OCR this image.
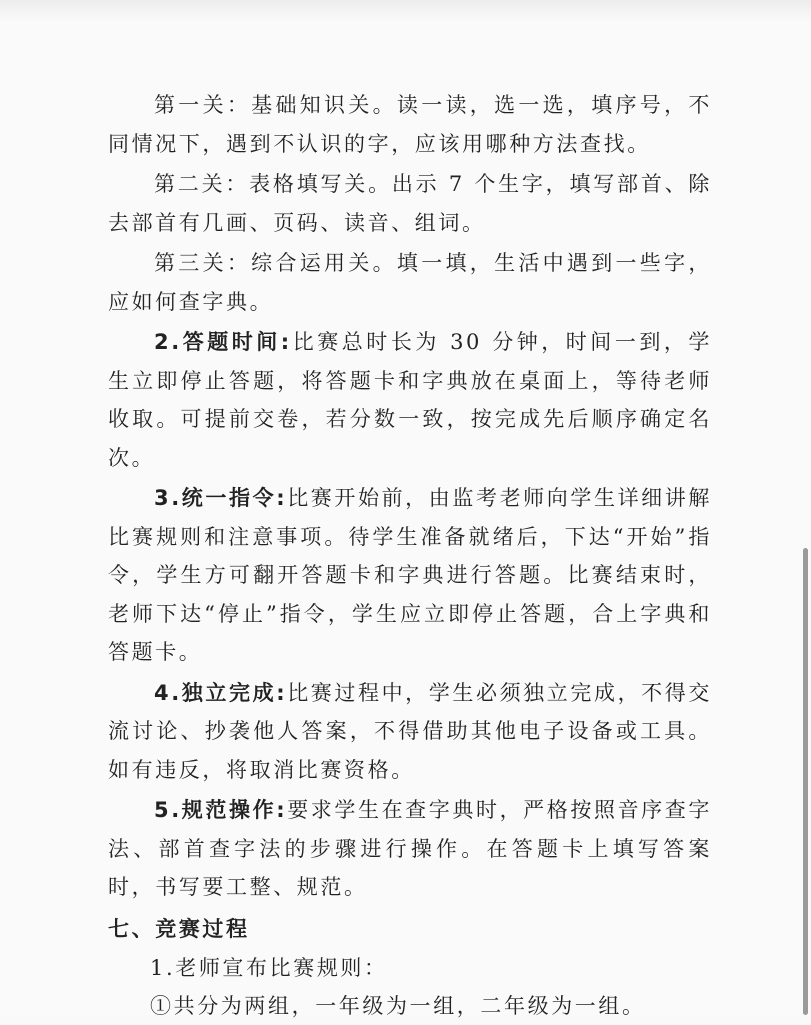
第一关：基础知识关。读一读，选一选，填序号，不同情况下，遇到不认识的字，应该用哪种方法查找。

第二关：表格填写关。出示 7 个生字，填写部首、除去部首有几画、页码、读音、组词。

第三关：综合运用关。填一填，生活中遇到一些字，应如何查字典。

2.答题时间:比赛总时长为 30 分钟，时间一到，学生立即停止答题，将答题卡和字典放在桌面上，等待老师收取。可提前交卷，若分数一致，按完成先后顺序确定名次。

3.统一指令:比赛开始前，由监考老师向学生详细讲解比赛规则和注意事项。待学生准备就绪后，下达“开始”指令，学生方可翻开答题卡和字典进行答题。比赛结束时，老师下达“停止”指令，学生应立即停止答题，合上字典和答题卡。

4.独立完成:比赛过程中，学生必须独立完成，不得交流讨论、抄袭他人答案，不得借助其他电子设备或工具。如有违反，将取消比赛资格。

5.规范操作:要求学生在查字典时，严格按照音序查字法、部首查字法的步骤进行操作。在答题卡上填写答案时，书写要工整、规范。

七、竞赛过程

1.老师宣布比赛规则：

①共分为两组，一年级为一组，二年级为一组。
